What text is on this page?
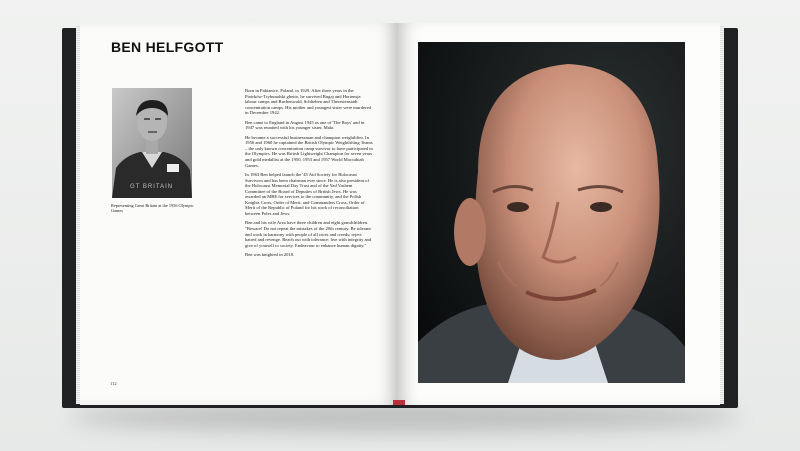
BEN HELFGOTT
GT BRITAIN
Representing Great Britain at the 1956 Olympic Games

Born in Pabianice, Poland, in 1929. After three years in the Piotrków-Trybunalski ghetto, he survived Bugaj and Hortensja labour camps and Buchenwald, Schlieben and Theresienstadt concentration camps. His mother and youngest sister were murdered in December 1942.

Ben came to England in August 1945 as one of 'The Boys' and in 1947 was reunited with his younger sister, Mala.

He became a successful businessman and champion weightlifter. In 1956 and 1960 he captained the British Olympic Weightlifting Teams – the only known concentration camp survivor to have participated in the Olympics. He was British Lightweight Champion for seven years and gold medallist at the 1950, 1953 and 1957 World Maccabiah Games.

In 1963 Ben helped launch the '45 Aid Society for Holocaust Survivors and has been chairman ever since. He is also president of the Holocaust Memorial Day Trust and of the Yad Vashem Committee of the Board of Deputies of British Jews. He was awarded an MBE for services to the community, and the Polish Knights Cross, Order of Merit, and Commanders Cross, Order of Merit of the Republic of Poland for his work of reconciliation between Poles and Jews.

Ben and his wife Arza have three children and eight grandchildren. "Beware! Do not repeat the mistakes of the 20th century. Be tolerant and work in harmony with people of all races and creeds; reject hatred and revenge. Reach out with tolerance: live with integrity and give of yourself to society. Endeavour to enhance human dignity."

Ben was knighted in 2018.

112
